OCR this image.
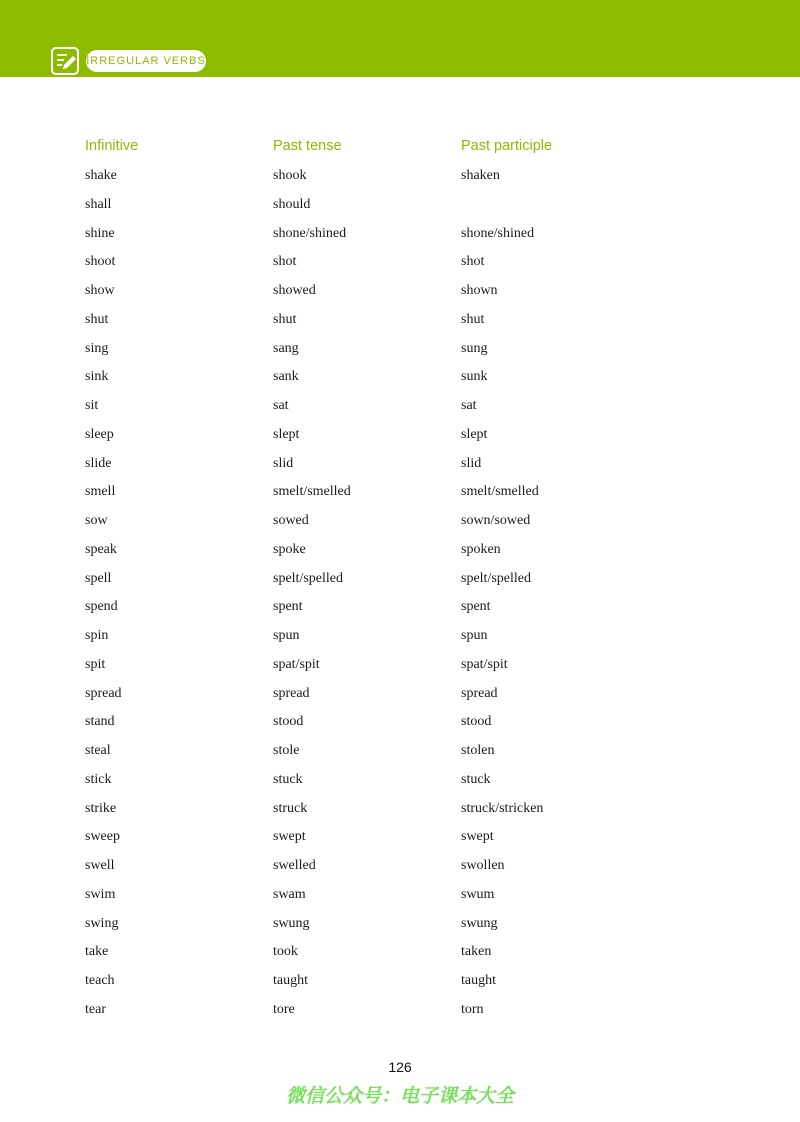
IRREGULAR VERBS
Infinitive	Past tense	Past participle
shake	shook	shaken
shall	should
shine	shone/shined	shone/shined
shoot	shot	shot
show	showed	shown
shut	shut	shut
sing	sang	sung
sink	sank	sunk
sit	sat	sat
sleep	slept	slept
slide	slid	slid
smell	smelt/smelled	smelt/smelled
sow	sowed	sown/sowed
speak	spoke	spoken
spell	spelt/spelled	spelt/spelled
spend	spent	spent
spin	spun	spun
spit	spat/spit	spat/spit
spread	spread	spread
stand	stood	stood
steal	stole	stolen
stick	stuck	stuck
strike	struck	struck/stricken
sweep	swept	swept
swell	swelled	swollen
swim	swam	swum
swing	swung	swung
take	took	taken
teach	taught	taught
tear	tore	torn
126
微信公众号：电子课本大全
